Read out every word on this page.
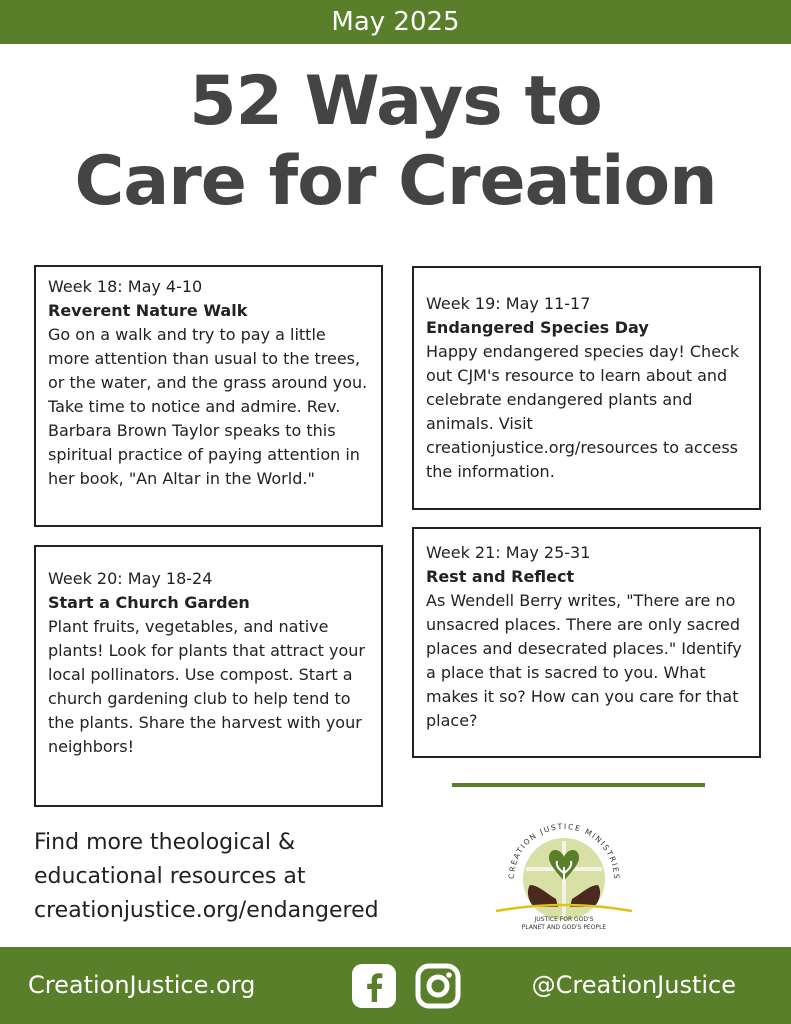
May 2025
52 Ways to
Care for Creation
Week 18: May 4-10
Reverent Nature Walk
Go on a walk and try to pay a little more attention than usual to the trees, or the water, and the grass around you. Take time to notice and admire. Rev. Barbara Brown Taylor speaks to this spiritual practice of paying attention in her book, "An Altar in the World."
Week 19: May 11-17
Endangered Species Day
Happy endangered species day! Check out CJM's resource to learn about and celebrate endangered plants and animals. Visit creationjustice.org/resources to access the information.
Week 20: May 18-24
Start a Church Garden
Plant fruits, vegetables, and native plants! Look for plants that attract your local pollinators. Use compost. Start a church gardening club to help tend to the plants. Share the harvest with your neighbors!
Week 21: May 25-31
Rest and Reflect
As Wendell Berry writes, "There are no unsacred places. There are only sacred places and desecrated places." Identify a place that is sacred to you. What makes it so? How can you care for that place?
Find more theological &
educational resources at
creationjustice.org/endangered
CREATION JUSTICE MINISTRIES
JUSTICE FOR GOD'S
PLANET AND GOD'S PEOPLE
CreationJustice.org	@CreationJustice
